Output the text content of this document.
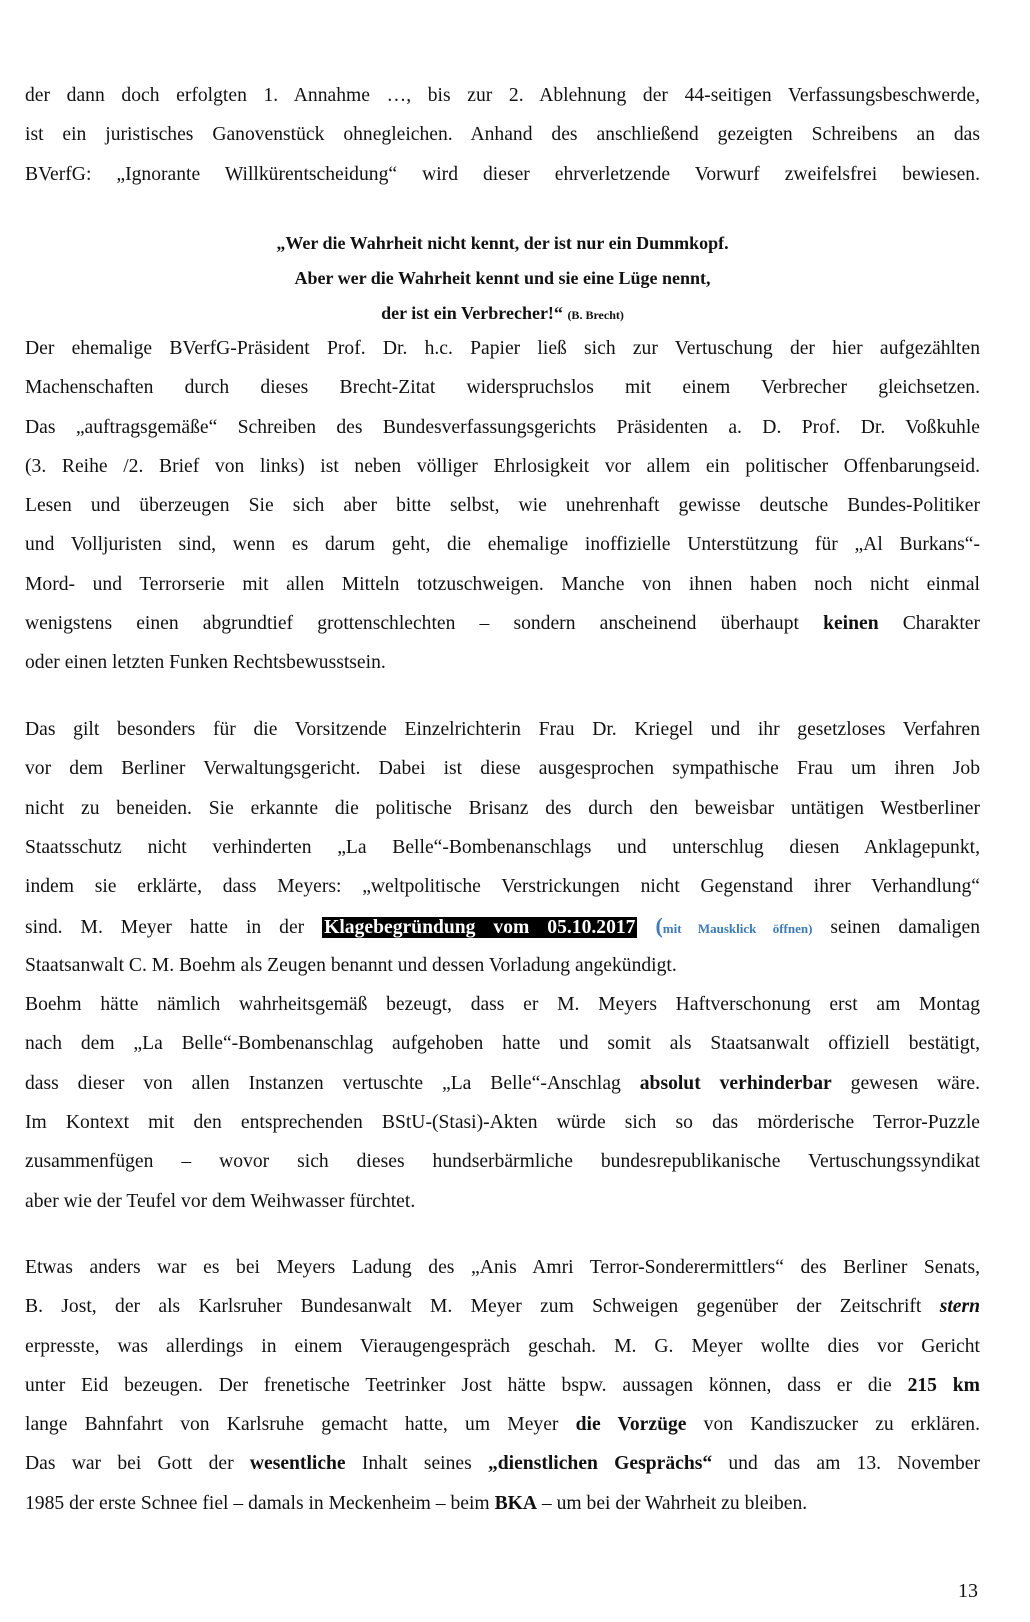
der dann doch erfolgten 1. Annahme …, bis zur 2. Ablehnung der 44-seitigen Verfassungsbeschwerde,
ist ein juristisches Ganovenstück ohnegleichen. Anhand des anschließend gezeigten Schreibens an das
BVerfG: „Ignorante Willkürentscheidung“ wird dieser ehrverletzende Vorwurf zweifelsfrei bewiesen.
„Wer die Wahrheit nicht kennt, der ist nur ein Dummkopf.
Aber wer die Wahrheit kennt und sie eine Lüge nennt,
der ist ein Verbrecher!“ (B. Brecht)
Der ehemalige BVerfG-Präsident Prof. Dr. h.c. Papier ließ sich zur Vertuschung der hier aufgezählten
Machenschaften durch dieses Brecht-Zitat widerspruchslos mit einem Verbrecher gleichsetzen.
Das „auftragsgemäße“ Schreiben des Bundesverfassungsgerichts Präsidenten a. D. Prof. Dr. Voßkuhle
(3. Reihe /2. Brief von links) ist neben völliger Ehrlosigkeit vor allem ein politischer Offenbarungseid.
Lesen und überzeugen Sie sich aber bitte selbst, wie unehrenhaft gewisse deutsche Bundes-Politiker
und Volljuristen sind, wenn es darum geht, die ehemalige inoffizielle Unterstützung für „Al Burkans“-
Mord- und Terrorserie mit allen Mitteln totzuschweigen. Manche von ihnen haben noch nicht einmal
wenigstens einen abgrundtief grottenschlechten – sondern anscheinend überhaupt keinen Charakter
oder einen letzten Funken Rechtsbewusstsein.
Das gilt besonders für die Vorsitzende Einzelrichterin Frau Dr. Kriegel und ihr gesetzloses Verfahren
vor dem Berliner Verwaltungsgericht. Dabei ist diese ausgesprochen sympathische Frau um ihren Job
nicht zu beneiden. Sie erkannte die politische Brisanz des durch den beweisbar untätigen Westberliner
Staatsschutz nicht verhinderten „La Belle“-Bombenanschlags und unterschlug diesen Anklagepunkt,
indem sie erklärte, dass Meyers: „weltpolitische Verstrickungen nicht Gegenstand ihrer Verhandlung“
sind. M. Meyer hatte in der Klagebegründung vom 05.10.2017 (mit Mausklick öffnen) seinen damaligen
Staatsanwalt C. M. Boehm als Zeugen benannt und dessen Vorladung angekündigt.
Boehm hätte nämlich wahrheitsgemäß bezeugt, dass er M. Meyers Haftverschonung erst am Montag
nach dem „La Belle“-Bombenanschlag aufgehoben hatte und somit als Staatsanwalt offiziell bestätigt,
dass dieser von allen Instanzen vertuschte „La Belle“-Anschlag absolut verhinderbar gewesen wäre.
Im Kontext mit den entsprechenden BStU-(Stasi)-Akten würde sich so das mörderische Terror-Puzzle
zusammenfügen – wovor sich dieses hundserbärmliche bundesrepublikanische Vertuschungssyndikat
aber wie der Teufel vor dem Weihwasser fürchtet.
Etwas anders war es bei Meyers Ladung des „Anis Amri Terror-Sonderermittlers“ des Berliner Senats,
B. Jost, der als Karlsruher Bundesanwalt M. Meyer zum Schweigen gegenüber der Zeitschrift stern
erpresste, was allerdings in einem Vieraugengespräch geschah. M. G. Meyer wollte dies vor Gericht
unter Eid bezeugen. Der frenetische Teetrinker Jost hätte bspw. aussagen können, dass er die 215 km
lange Bahnfahrt von Karlsruhe gemacht hatte, um Meyer die Vorzüge von Kandiszucker zu erklären.
Das war bei Gott der wesentliche Inhalt seines „dienstlichen Gesprächs“ und das am 13. November
1985 der erste Schnee fiel – damals in Meckenheim – beim BKA – um bei der Wahrheit zu bleiben.
13
